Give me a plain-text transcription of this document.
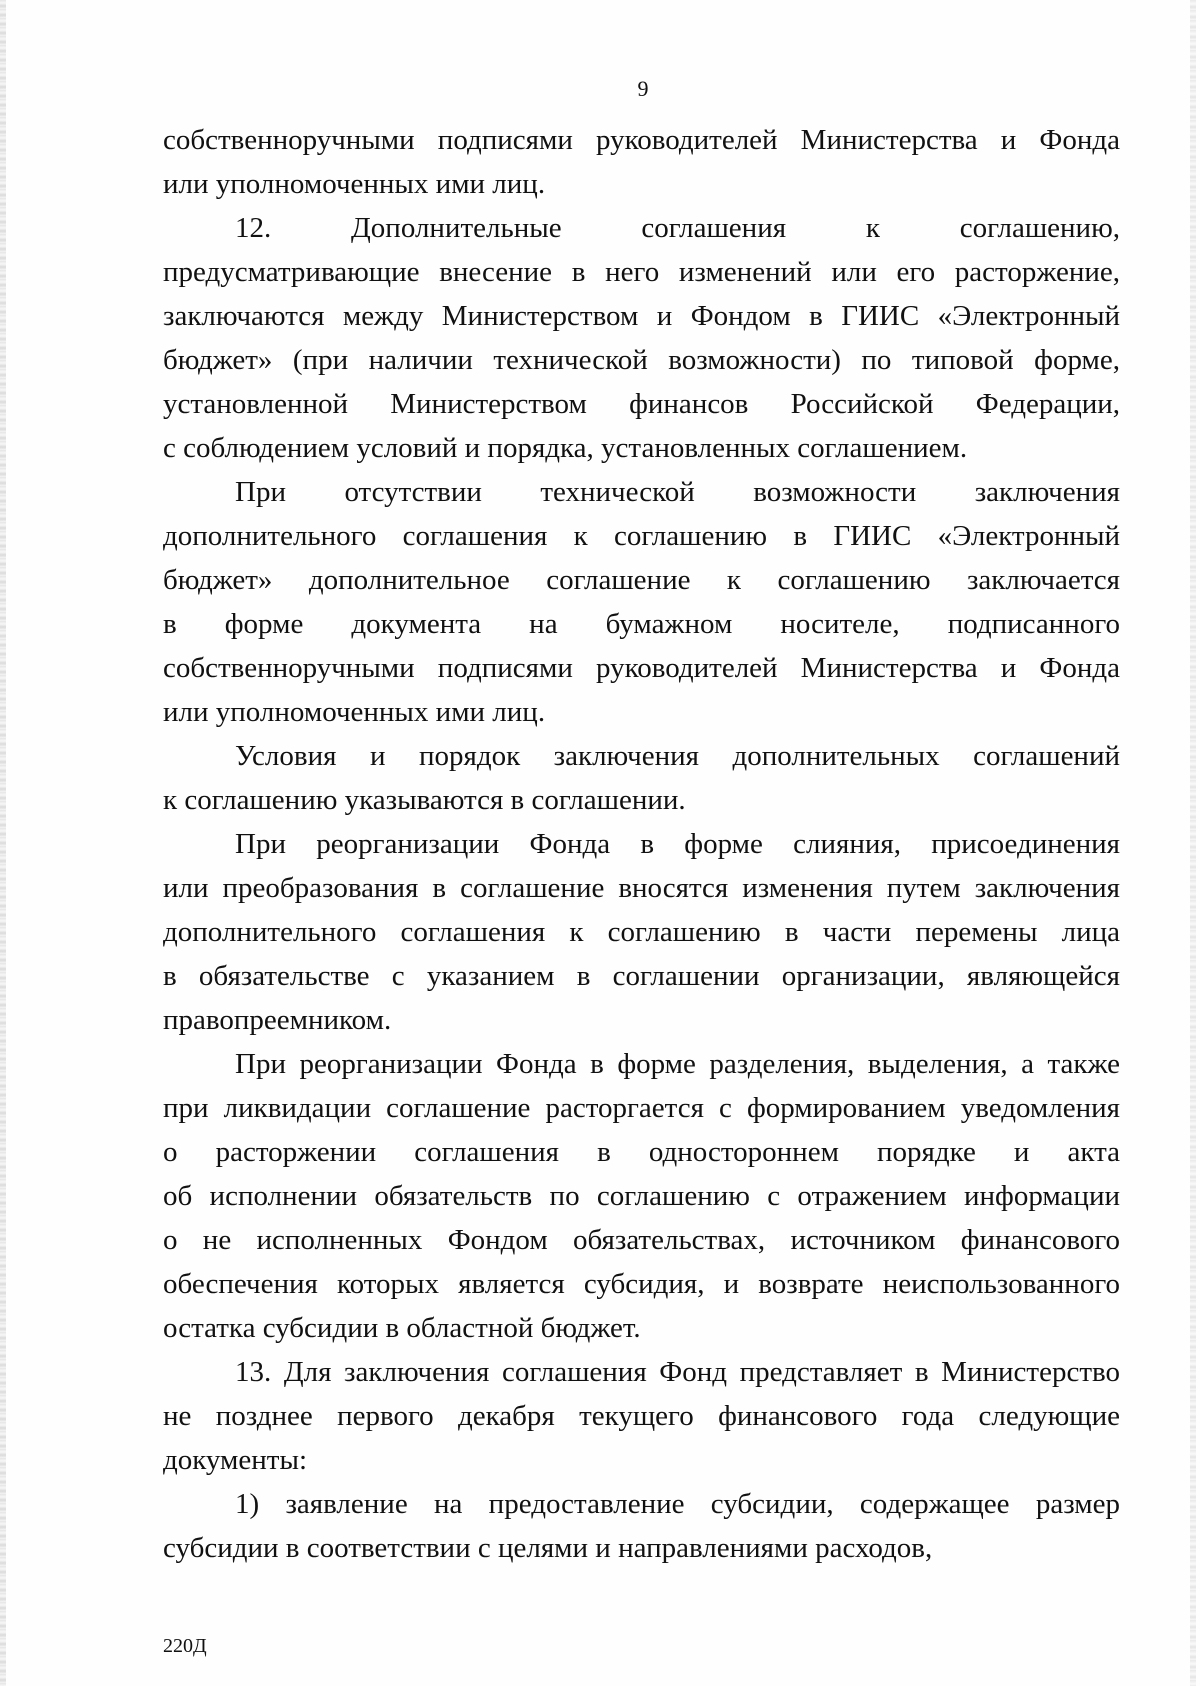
9

собственноручными подписями руководителей Министерства и Фонда
или уполномоченных ими лиц.

12. Дополнительные соглашения к соглашению,
предусматривающие внесение в него изменений или его расторжение,
заключаются между Министерством и Фондом в ГИИС «Электронный
бюджет» (при наличии технической возможности) по типовой форме,
установленной Министерством финансов Российской Федерации,
с соблюдением условий и порядка, установленных соглашением.

При отсутствии технической возможности заключения
дополнительного соглашения к соглашению в ГИИС «Электронный
бюджет» дополнительное соглашение к соглашению заключается
в форме документа на бумажном носителе, подписанного
собственноручными подписями руководителей Министерства и Фонда
или уполномоченных ими лиц.

Условия и порядок заключения дополнительных соглашений
к соглашению указываются в соглашении.

При реорганизации Фонда в форме слияния, присоединения
или преобразования в соглашение вносятся изменения путем заключения
дополнительного соглашения к соглашению в части перемены лица
в обязательстве с указанием в соглашении организации, являющейся
правопреемником.

При реорганизации Фонда в форме разделения, выделения, а также
при ликвидации соглашение расторгается с формированием уведомления
о расторжении соглашения в одностороннем порядке и акта
об исполнении обязательств по соглашению с отражением информации
о не исполненных Фондом обязательствах, источником финансового
обеспечения которых является субсидия, и возврате неиспользованного
остатка субсидии в областной бюджет.

13. Для заключения соглашения Фонд представляет в Министерство
не позднее первого декабря текущего финансового года следующие
документы:

1) заявление на предоставление субсидии, содержащее размер
субсидии в соответствии с целями и направлениями расходов,

220Д
